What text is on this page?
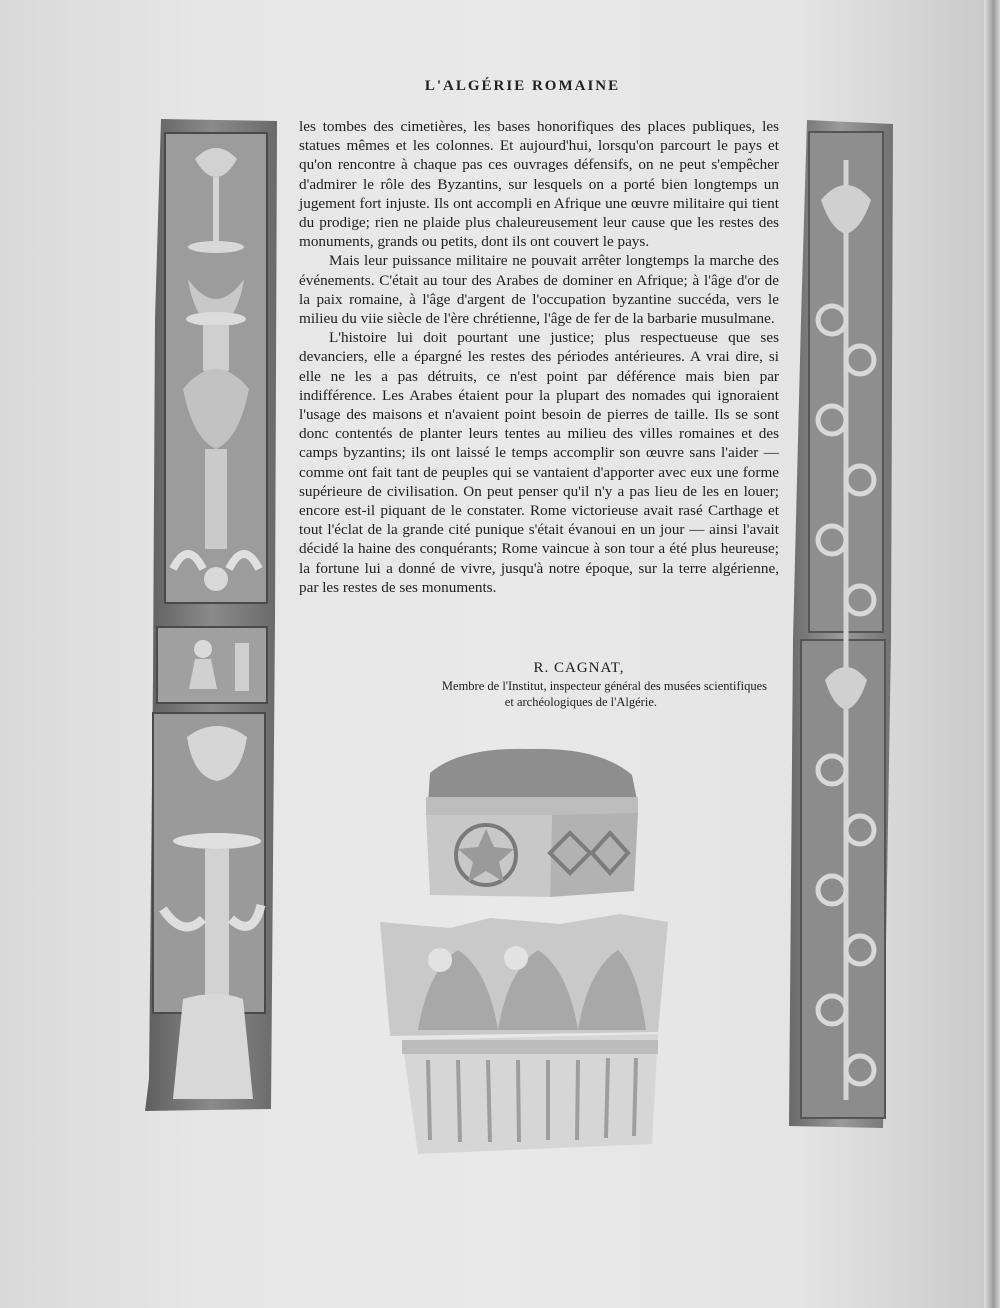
L'ALGÉRIE ROMAINE

les tombes des cimetières, les bases honorifiques des places publiques, les statues mêmes et les colonnes. Et aujourd'hui, lorsqu'on parcourt le pays et qu'on rencontre à chaque pas ces ouvrages défensifs, on ne peut s'empêcher d'admirer le rôle des Byzantins, sur lesquels on a porté bien longtemps un jugement fort injuste. Ils ont accompli en Afrique une œuvre militaire qui tient du prodige; rien ne plaide plus chaleureusement leur cause que les restes des monuments, grands ou petits, dont ils ont couvert le pays.

Mais leur puissance militaire ne pouvait arrêter longtemps la marche des événements. C'était au tour des Arabes de dominer en Afrique; à l'âge d'or de la paix romaine, à l'âge d'argent de l'occupation byzantine succéda, vers le milieu du viie siècle de l'ère chrétienne, l'âge de fer de la barbarie musulmane.

L'histoire lui doit pourtant une justice; plus respectueuse que ses devanciers, elle a épargné les restes des périodes antérieures. A vrai dire, si elle ne les a pas détruits, ce n'est point par déférence mais bien par indifférence. Les Arabes étaient pour la plupart des nomades qui ignoraient l'usage des maisons et n'avaient point besoin de pierres de taille. Ils se sont donc contentés de planter leurs tentes au milieu des villes romaines et des camps byzantins; ils ont laissé le temps accomplir son œuvre sans l'aider — comme ont fait tant de peuples qui se vantaient d'apporter avec eux une forme supérieure de civilisation. On peut penser qu'il n'y a pas lieu de les en louer; encore est-il piquant de le constater. Rome victorieuse avait rasé Carthage et tout l'éclat de la grande cité punique s'était évanoui en un jour — ainsi l'avait décidé la haine des conquérants; Rome vaincue à son tour a été plus heureuse; la fortune lui a donné de vivre, jusqu'à notre époque, sur la terre algérienne, par les restes de ses monuments.

R. CAGNAT,

Membre de l'Institut, inspecteur général des musées scientifiques

et archéologiques de l'Algérie.
